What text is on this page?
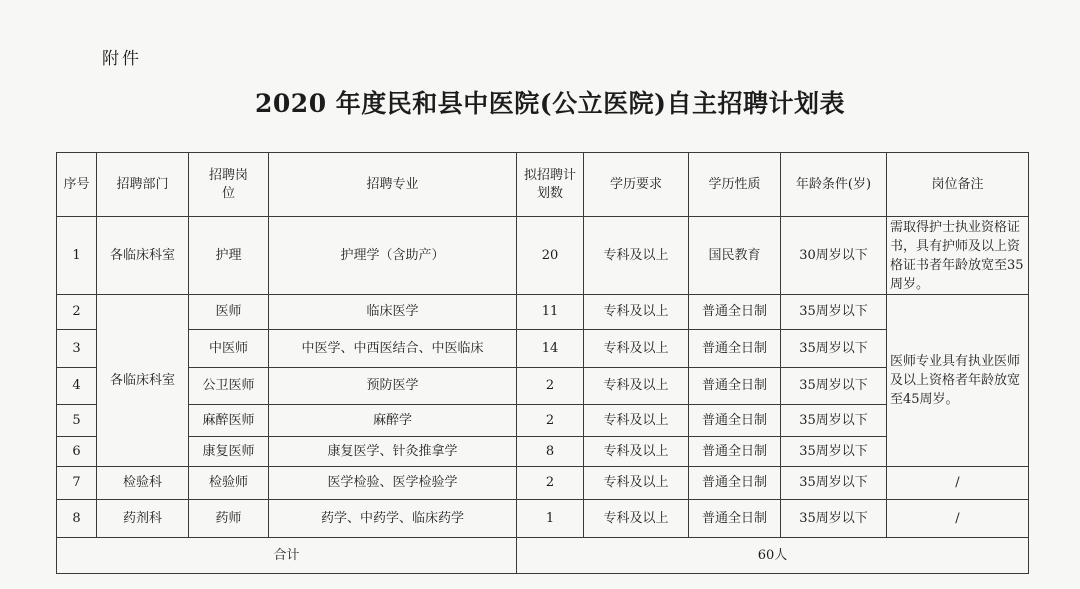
附件
2020 年度民和县中医院(公立医院)自主招聘计划表
序号	招聘部门	招聘岗位	招聘专业	拟招聘计划数	学历要求	学历性质	年龄条件(岁)	岗位备注
1	各临床科室	护理	护理学（含助产）	20	专科及以上	国民教育	30周岁以下	需取得护士执业资格证书，具有护师及以上资格证书者年龄放宽至35周岁。
2	各临床科室	医师	临床医学	11	专科及以上	普通全日制	35周岁以下	医师专业具有执业医师及以上资格者年龄放宽至45周岁。
3		中医师	中医学、中西医结合、中医临床	14	专科及以上	普通全日制	35周岁以下	
4		公卫医师	预防医学	2	专科及以上	普通全日制	35周岁以下	
5		麻醉医师	麻醉学	2	专科及以上	普通全日制	35周岁以下	
6		康复医师	康复医学、针灸推拿学	8	专科及以上	普通全日制	35周岁以下	
7	检验科	检验师	医学检验、医学检验学	2	专科及以上	普通全日制	35周岁以下	/
8	药剂科	药师	药学、中药学、临床药学	1	专科及以上	普通全日制	35周岁以下	/
合计				60人				
